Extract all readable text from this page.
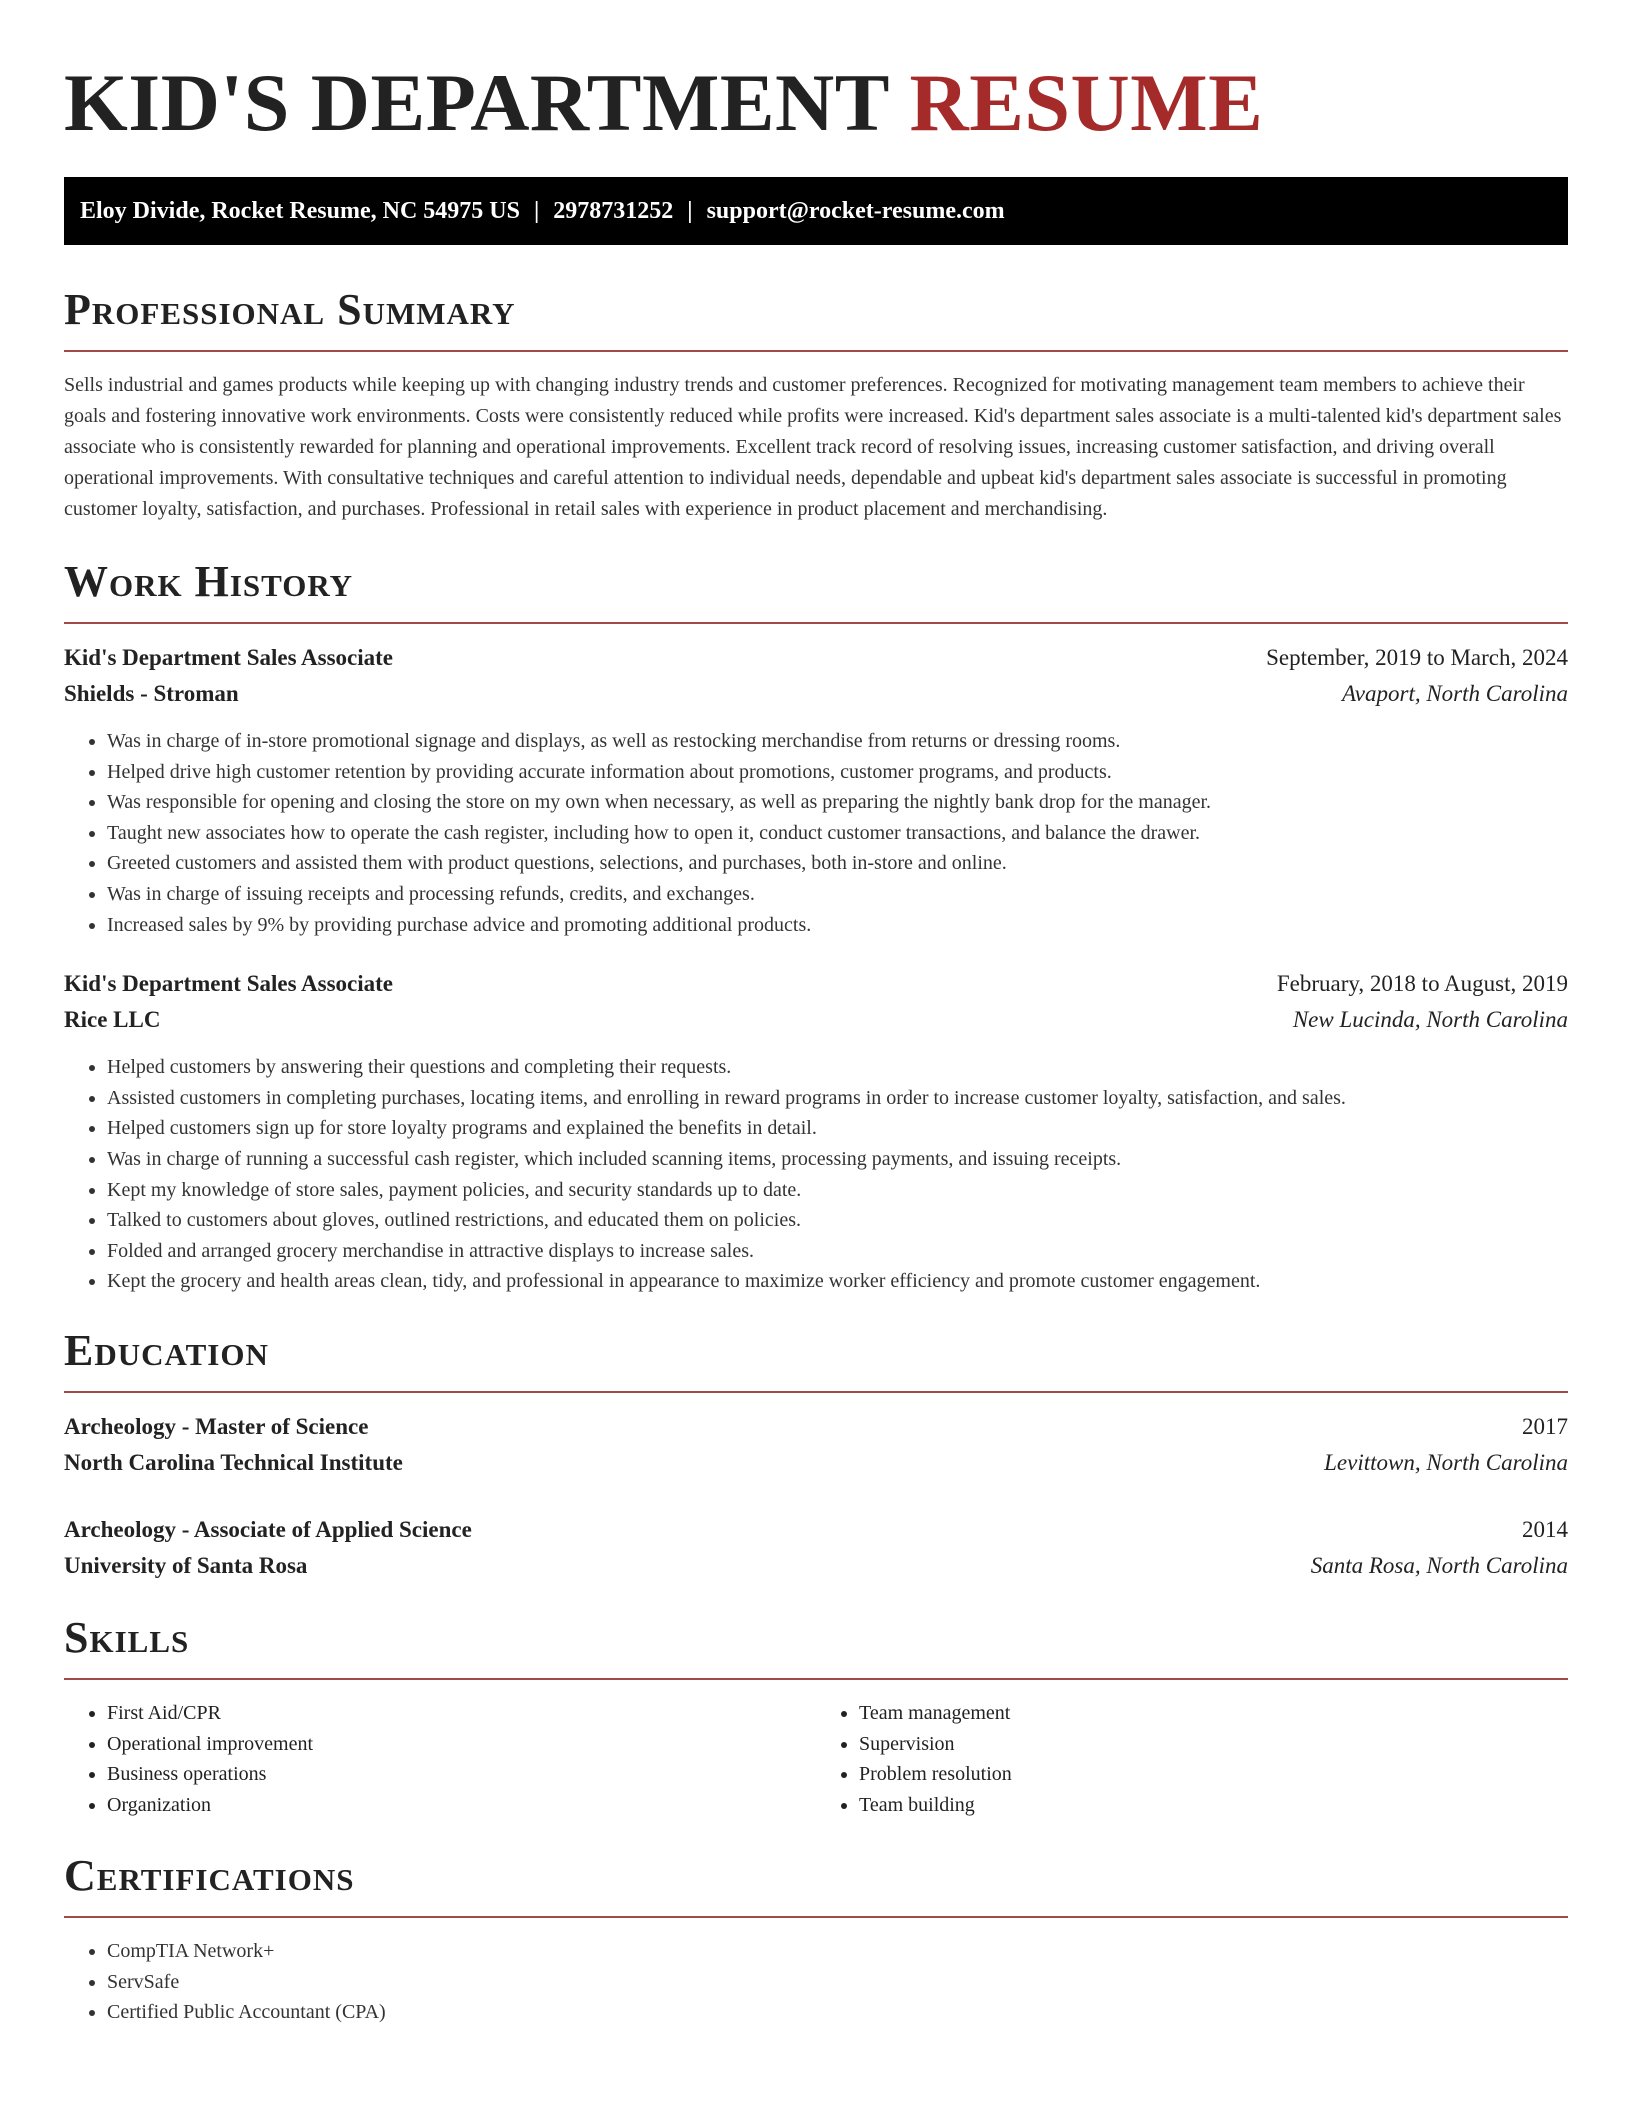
KID'S DEPARTMENT RESUME
Eloy Divide, Rocket Resume, NC 54975 US | 2978731252 | support@rocket-resume.com
Professional Summary

Sells industrial and games products while keeping up with changing industry trends and customer preferences. Recognized for motivating management team members to achieve their goals and fostering innovative work environments. Costs were consistently reduced while profits were increased. Kid's department sales associate is a multi-talented kid's department sales associate who is consistently rewarded for planning and operational improvements. Excellent track record of resolving issues, increasing customer satisfaction, and driving overall operational improvements. With consultative techniques and careful attention to individual needs, dependable and upbeat kid's department sales associate is successful in promoting customer loyalty, satisfaction, and purchases. Professional in retail sales with experience in product placement and merchandising.

Work History
Kid's Department Sales Associate	September, 2019 to March, 2024
Shields - Stroman	Avaport, North Carolina
• Was in charge of in-store promotional signage and displays, as well as restocking merchandise from returns or dressing rooms.
• Helped drive high customer retention by providing accurate information about promotions, customer programs, and products.
• Was responsible for opening and closing the store on my own when necessary, as well as preparing the nightly bank drop for the manager.
• Taught new associates how to operate the cash register, including how to open it, conduct customer transactions, and balance the drawer.
• Greeted customers and assisted them with product questions, selections, and purchases, both in-store and online.
• Was in charge of issuing receipts and processing refunds, credits, and exchanges.
• Increased sales by 9% by providing purchase advice and promoting additional products.
Kid's Department Sales Associate	February, 2018 to August, 2019
Rice LLC	New Lucinda, North Carolina
• Helped customers by answering their questions and completing their requests.
• Assisted customers in completing purchases, locating items, and enrolling in reward programs in order to increase customer loyalty, satisfaction, and sales.
• Helped customers sign up for store loyalty programs and explained the benefits in detail.
• Was in charge of running a successful cash register, which included scanning items, processing payments, and issuing receipts.
• Kept my knowledge of store sales, payment policies, and security standards up to date.
• Talked to customers about gloves, outlined restrictions, and educated them on policies.
• Folded and arranged grocery merchandise in attractive displays to increase sales.
• Kept the grocery and health areas clean, tidy, and professional in appearance to maximize worker efficiency and promote customer engagement.
Education
Archeology - Master of Science	2017
North Carolina Technical Institute	Levittown, North Carolina
Archeology - Associate of Applied Science	2014
University of Santa Rosa	Santa Rosa, North Carolina
Skills
• First Aid/CPR
• Operational improvement
• Business operations
• Organization
• Team management
• Supervision
• Problem resolution
• Team building
Certifications
• CompTIA Network+
• ServSafe
• Certified Public Accountant (CPA)
